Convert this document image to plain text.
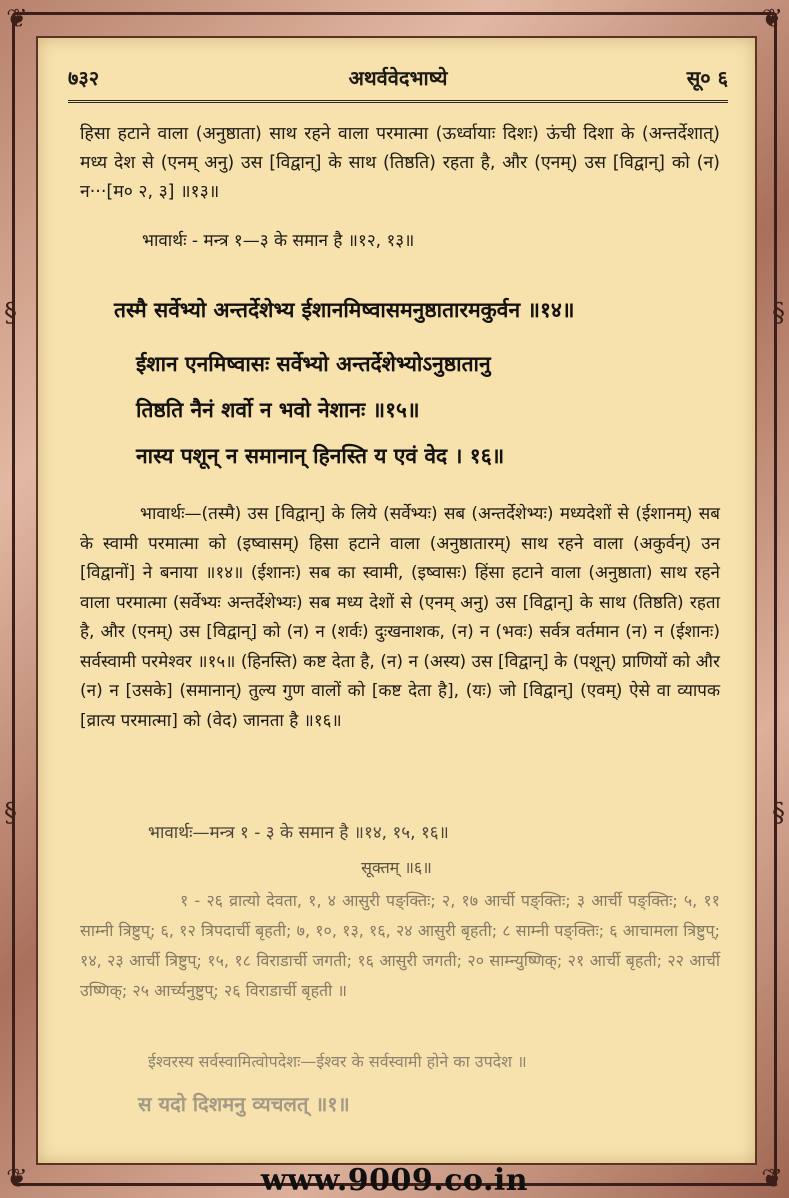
❦	❦
❦	❦
§
§
§
§
अथर्ववेदभाष्ये
७३२	सू० ६
हिसा हटाने वाला (अनुष्ठाता) साथ रहने वाला परमात्मा (ऊर्ध्वायाः दिशः) ऊंची दिशा के (अन्तर्देशात्) मध्य देश से (एनम् अनु) उस [विद्वान्] के साथ (तिष्ठति) रहता है, और (एनम्) उस [विद्वान्] को (न) न···[म० २, ३] ॥१३॥
भावार्थः - मन्त्र १—३ के समान है ॥१२, १३॥
तस्मै सर्वेभ्यो अन्तर्देशेभ्य ईशानमिष्वासमनुष्ठातारमकुर्वन ॥१४॥
ईशान एनमिष्वासः सर्वेभ्यो अन्तर्देशेभ्योऽनुष्ठातानु
तिष्ठति नैनं शर्वो न भवो नेशानः ॥१५॥
नास्य पशून् न समानान् हिनस्ति य एवं वेद । १६॥
भावार्थः—(तस्मै) उस [विद्वान्] के लिये (सर्वेभ्यः) सब (अन्तर्देशेभ्यः) मध्यदेशों से (ईशानम्) सब के स्वामी परमात्मा को (इष्वासम्) हिसा हटाने वाला (अनुष्ठातारम्) साथ रहने वाला (अकुर्वन्) उन [विद्वानों] ने बनाया ॥१४॥ (ईशानः) सब का स्वामी, (इष्वासः) हिंसा हटाने वाला (अनुष्ठाता) साथ रहने वाला परमात्मा (सर्वेभ्यः अन्तर्देशेभ्यः) सब मध्य देशों से (एनम् अनु) उस [विद्वान्] के साथ (तिष्ठति) रहता है, और (एनम्) उस [विद्वान्] को (न) न (शर्वः) दुःखनाशक, (न) न (भवः) सर्वत्र वर्तमान (न) न (ईशानः) सर्वस्वामी परमेश्वर ॥१५॥ (हिनस्ति) कष्ट देता है, (न) न (अस्य) उस [विद्वान्] के (पशून्) प्राणियों को और (न) न [उसके] (समानान्) तुल्य गुण वालों को [कष्ट देता है], (यः) जो [विद्वान्] (एवम्) ऐसे वा व्यापक [व्रात्य परमात्मा] को (वेद) जानता है ॥१६॥
भावार्थः—मन्त्र १ - ३ के समान है ॥१४, १५, १६॥
सूक्तम् ॥६॥
१ - २६ व्रात्यो देवता, १, ४ आसुरी पङ्क्तिः; २, १७ आर्ची पङ्क्तिः; ३ आर्ची पङ्क्तिः; ५, ११ साम्नी त्रिष्टुप्; ६, १२ त्रिपदार्ची बृहती; ७, १०, १३, १६, २४ आसुरी बृहती; ८ साम्नी पङ्क्तिः; ६ आचामला त्रिष्टुप्; १४, २३ आर्ची त्रिष्टुप्; १५, १८ विराडार्ची जगती; १६ आसुरी जगती; २० साम्न्युष्णिक्; २१ आर्ची बृहती; २२ आर्ची उष्णिक्; २५ आर्च्यनुष्टुप्; २६ विराडार्ची बृहती ॥
ईश्वरस्य सर्वस्वामित्वोपदेशः—ईश्वर के सर्वस्वामी होने का उपदेश ॥
स यदो दिशमनु व्यचलत् ॥१॥
www.9009.co.in
